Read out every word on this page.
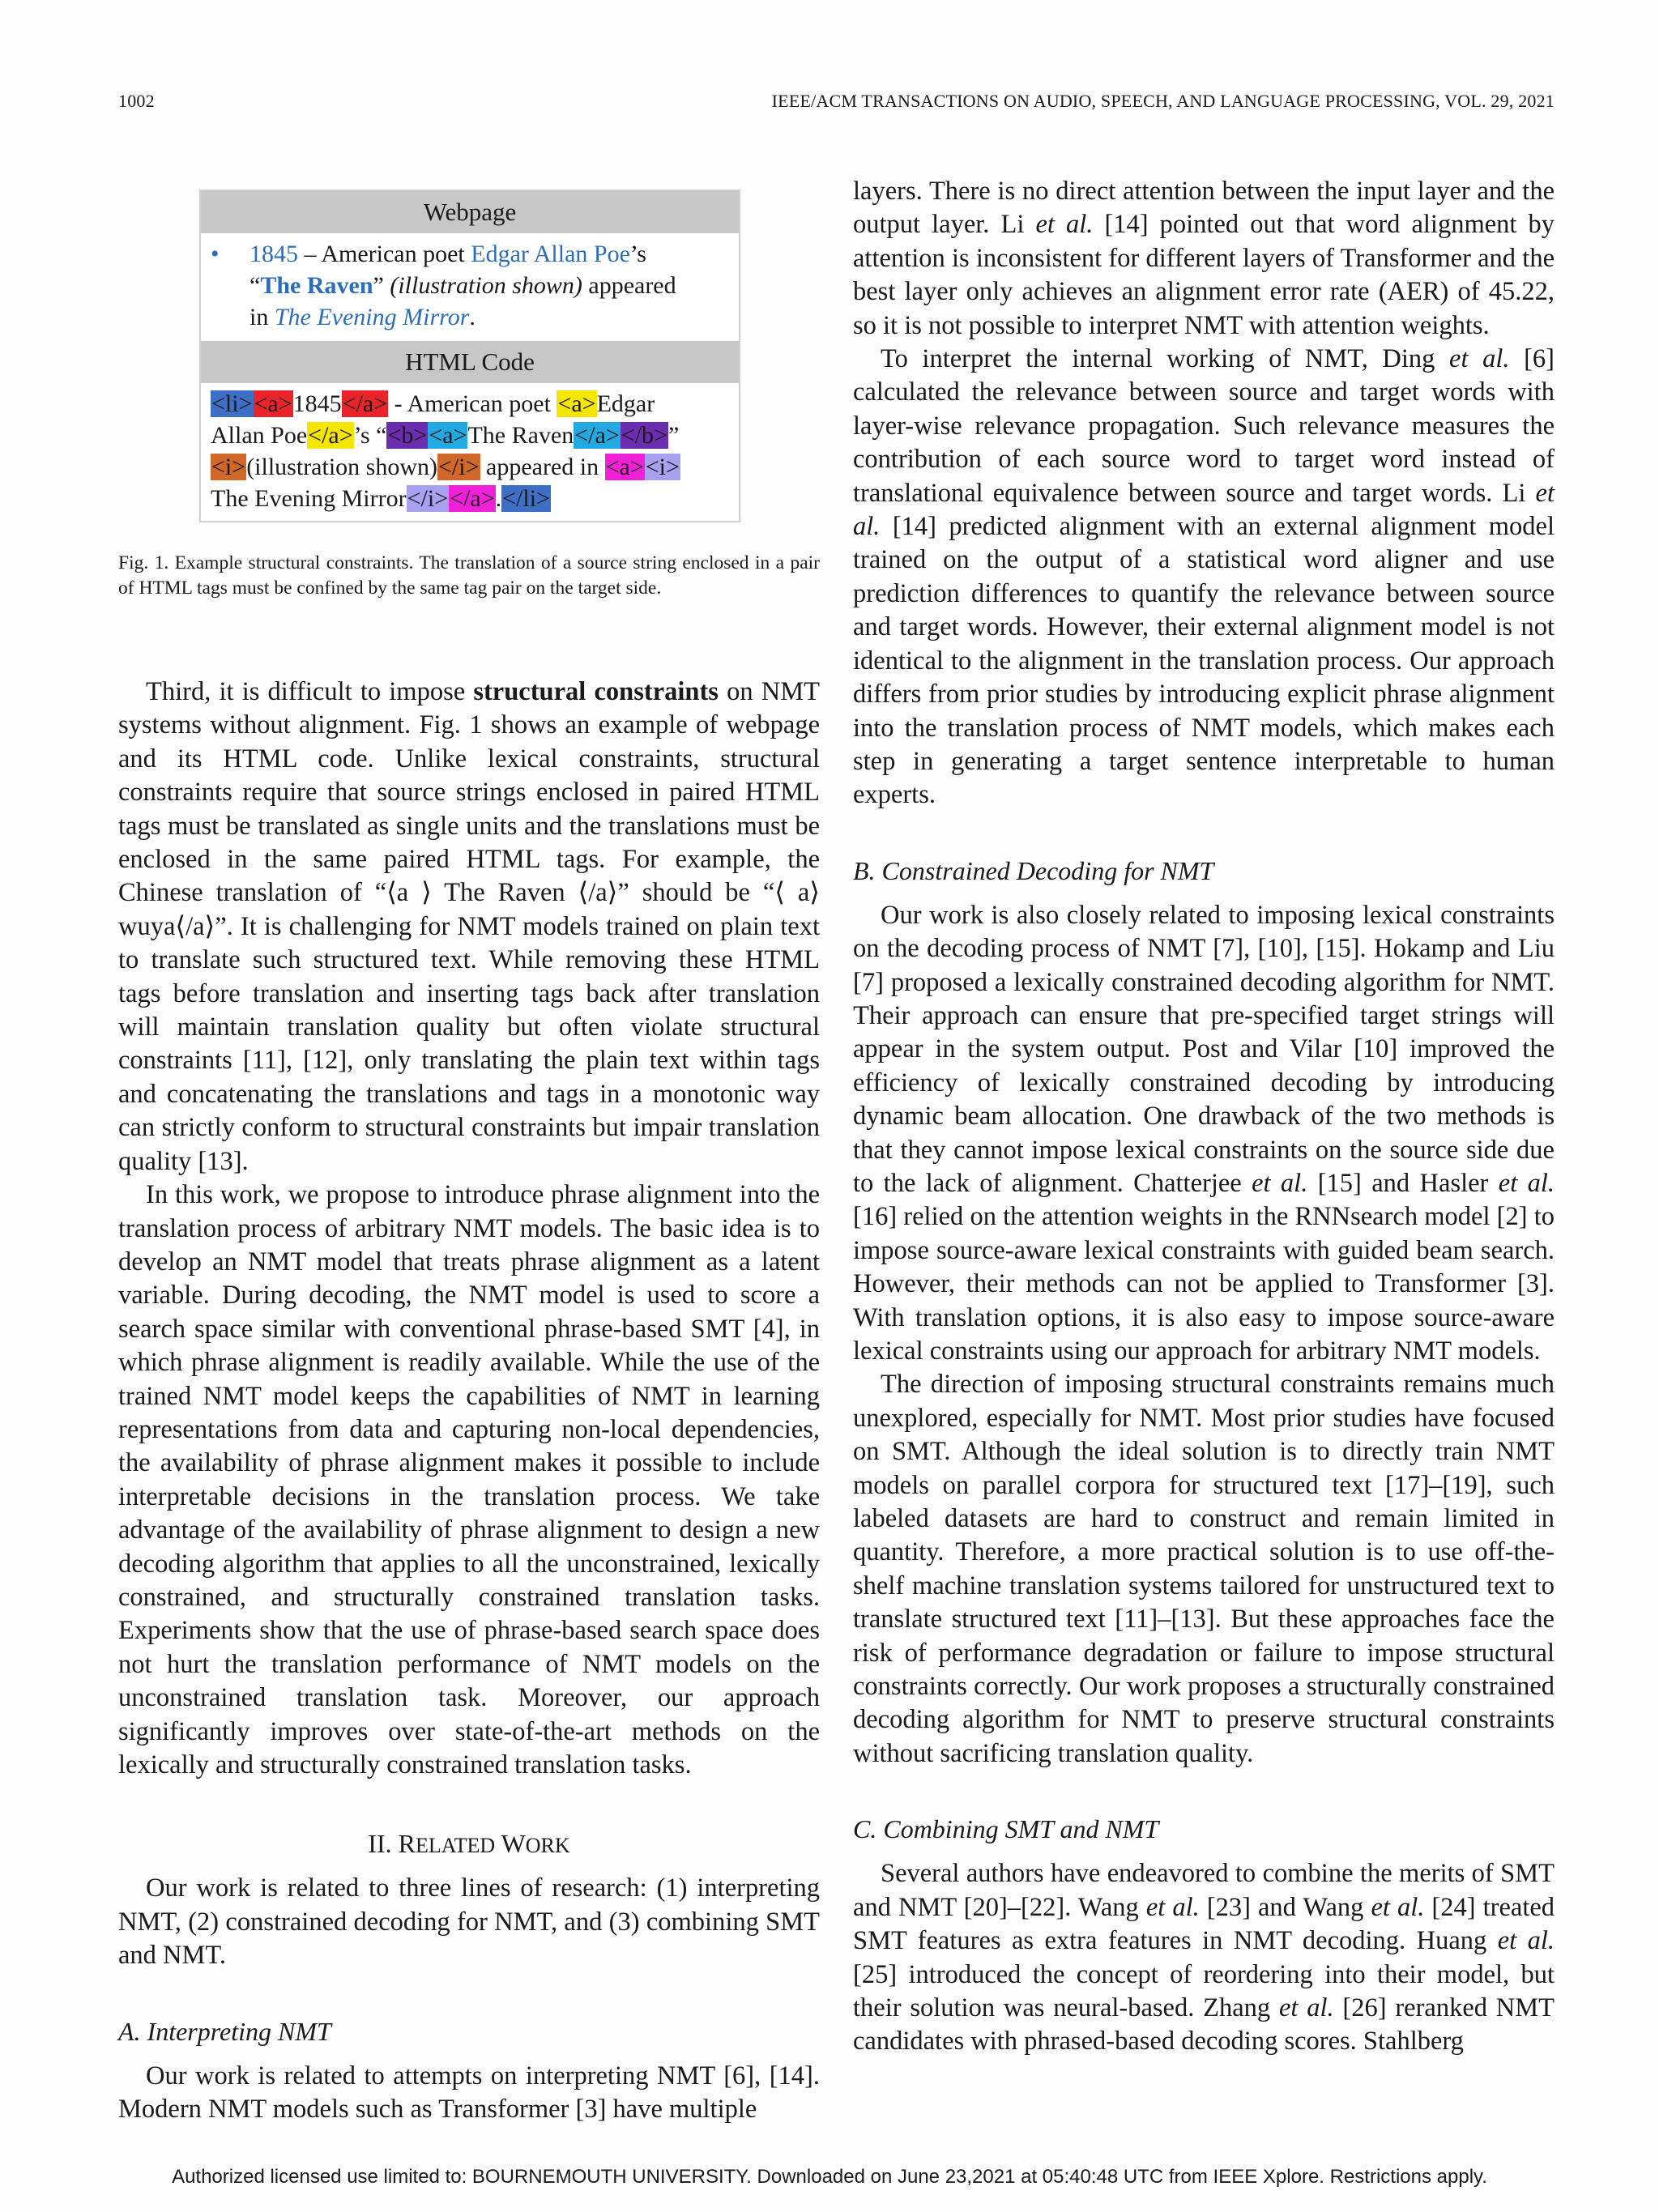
1002	IEEE/ACM TRANSACTIONS ON AUDIO, SPEECH, AND LANGUAGE PROCESSING, VOL. 29, 2021
Webpage
•	1845 – American poet Edgar Allan Poe’s
“The Raven” (illustration shown) appeared
in The Evening Mirror.
HTML Code
<li><a>1845</a> - American poet <a>Edgar
Allan Poe</a>’s “<b><a>The Raven</a></b>”
<i>(illustration shown)</i> appeared in <a><i>
The Evening Mirror</i></a>.</li>
Fig. 1. Example structural constraints. The translation of a source string enclosed in a pair of HTML tags must be confined by the same tag pair on the target side.

Third, it is difficult to impose structural constraints on NMT systems without alignment. Fig. 1 shows an example of webpage and its HTML code. Unlike lexical constraints, structural constraints require that source strings enclosed in paired HTML tags must be translated as single units and the translations must be enclosed in the same paired HTML tags. For example, the Chinese translation of “⟨a ⟩ The Raven ⟨/a⟩” should be “⟨ a⟩wuya⟨/a⟩”. It is challenging for NMT models trained on plain text to translate such structured text. While removing these HTML tags before translation and inserting tags back after translation will maintain translation quality but often violate structural constraints [11], [12], only translating the plain text within tags and concatenating the translations and tags in a monotonic way can strictly conform to structural constraints but impair translation quality [13].

In this work, we propose to introduce phrase alignment into the translation process of arbitrary NMT models. The basic idea is to develop an NMT model that treats phrase alignment as a latent variable. During decoding, the NMT model is used to score a search space similar with conventional phrase-based SMT [4], in which phrase alignment is readily available. While the use of the trained NMT model keeps the capabilities of NMT in learning representations from data and capturing non-local dependencies, the availability of phrase alignment makes it possible to include interpretable decisions in the translation process. We take advantage of the availability of phrase alignment to design a new decoding algorithm that applies to all the unconstrained, lexically constrained, and structurally constrained translation tasks. Experiments show that the use of phrase-based search space does not hurt the translation performance of NMT models on the unconstrained translation task. Moreover, our approach significantly improves over state-of-the-art methods on the lexically and structurally constrained translation tasks.

II. RELATED WORK

Our work is related to three lines of research: (1) interpreting NMT, (2) constrained decoding for NMT, and (3) combining SMT and NMT.

A. Interpreting NMT

Our work is related to attempts on interpreting NMT [6], [14]. Modern NMT models such as Transformer [3] have multiple

layers. There is no direct attention between the input layer and the output layer. Li et al. [14] pointed out that word alignment by attention is inconsistent for different layers of Transformer and the best layer only achieves an alignment error rate (AER) of 45.22, so it is not possible to interpret NMT with attention weights.

To interpret the internal working of NMT, Ding et al. [6] calculated the relevance between source and target words with layer-wise relevance propagation. Such relevance measures the contribution of each source word to target word instead of translational equivalence between source and target words. Li et al. [14] predicted alignment with an external alignment model trained on the output of a statistical word aligner and use prediction differences to quantify the relevance between source and target words. However, their external alignment model is not identical to the alignment in the translation process. Our approach differs from prior studies by introducing explicit phrase alignment into the translation process of NMT models, which makes each step in generating a target sentence interpretable to human experts.

B. Constrained Decoding for NMT

Our work is also closely related to imposing lexical constraints on the decoding process of NMT [7], [10], [15]. Hokamp and Liu [7] proposed a lexically constrained decoding algorithm for NMT. Their approach can ensure that pre-specified target strings will appear in the system output. Post and Vilar [10] improved the efficiency of lexically constrained decoding by introducing dynamic beam allocation. One drawback of the two methods is that they cannot impose lexical constraints on the source side due to the lack of alignment. Chatterjee et al. [15] and Hasler et al. [16] relied on the attention weights in the RNNsearch model [2] to impose source-aware lexical constraints with guided beam search. However, their methods can not be applied to Transformer [3]. With translation options, it is also easy to impose source-aware lexical constraints using our approach for arbitrary NMT models.

The direction of imposing structural constraints remains much unexplored, especially for NMT. Most prior studies have focused on SMT. Although the ideal solution is to directly train NMT models on parallel corpora for structured text [17]–[19], such labeled datasets are hard to construct and remain limited in quantity. Therefore, a more practical solution is to use off-the-shelf machine translation systems tailored for unstructured text to translate structured text [11]–[13]. But these approaches face the risk of performance degradation or failure to impose structural constraints correctly. Our work proposes a structurally constrained decoding algorithm for NMT to preserve structural constraints without sacrificing translation quality.

C. Combining SMT and NMT

Several authors have endeavored to combine the merits of SMT and NMT [20]–[22]. Wang et al. [23] and Wang et al. [24] treated SMT features as extra features in NMT decoding. Huang et al. [25] introduced the concept of reordering into their model, but their solution was neural-based. Zhang et al. [26] reranked NMT candidates with phrased-based decoding scores. Stahlberg

Authorized licensed use limited to: BOURNEMOUTH UNIVERSITY. Downloaded on June 23,2021 at 05:40:48 UTC from IEEE Xplore. Restrictions apply.
